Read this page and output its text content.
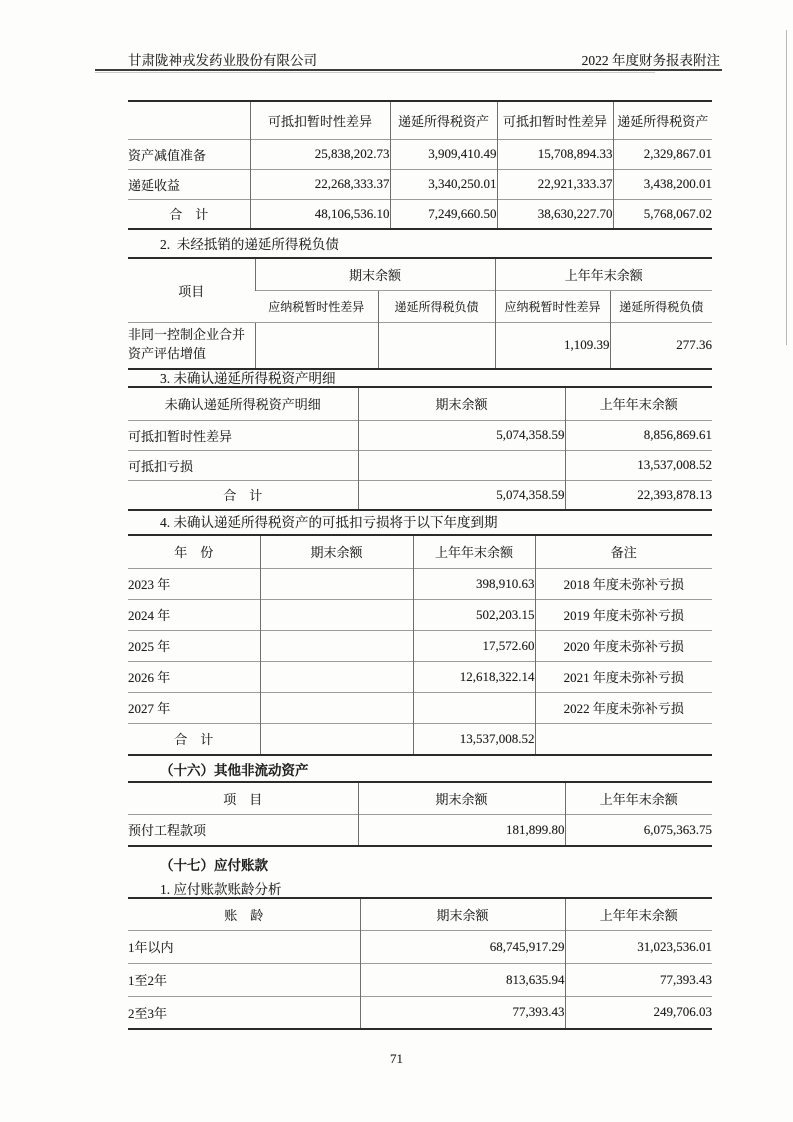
甘肃陇神戎发药业股份有限公司	2022 年度财务报表附注
	可抵扣暂时性差异	递延所得税资产	可抵扣暂时性差异	递延所得税资产
资产减值准备	25,838,202.73	3,909,410.49	15,708,894.33	2,329,867.01
递延收益	22,268,333.37	3,340,250.01	22,921,333.37	3,438,200.01
合　计	48,106,536.10	7,249,660.50	38,630,227.70	5,768,067.02
2.  未经抵销的递延所得税负债
项目	期末余额		上年年末余额	
	应纳税暂时性差异	递延所得税负债	应纳税暂时性差异	递延所得税负债
非同一控制企业合并资产评估增值			1,109.39	277.36
3. 未确认递延所得税资产明细
未确认递延所得税资产明细	期末余额	上年年末余额
可抵扣暂时性差异	5,074,358.59	8,856,869.61
可抵扣亏损		13,537,008.52
合　计	5,074,358.59	22,393,878.13
4. 未确认递延所得税资产的可抵扣亏损将于以下年度到期
年　份	期末余额	上年年末余额	备注
2023 年		398,910.63	2018 年度未弥补亏损
2024 年		502,203.15	2019 年度未弥补亏损
2025 年		17,572.60	2020 年度未弥补亏损
2026 年		12,618,322.14	2021 年度未弥补亏损
2027 年			2022 年度未弥补亏损
合　计		13,537,008.52	
（十六）其他非流动资产
项　目	期末余额	上年年末余额
预付工程款项	181,899.80	6,075,363.75
（十七）应付账款
1. 应付账款账龄分析
账　龄	期末余额	上年年末余额
1年以内	68,745,917.29	31,023,536.01
1至2年	813,635.94	77,393.43
2至3年	77,393.43	249,706.03
71
